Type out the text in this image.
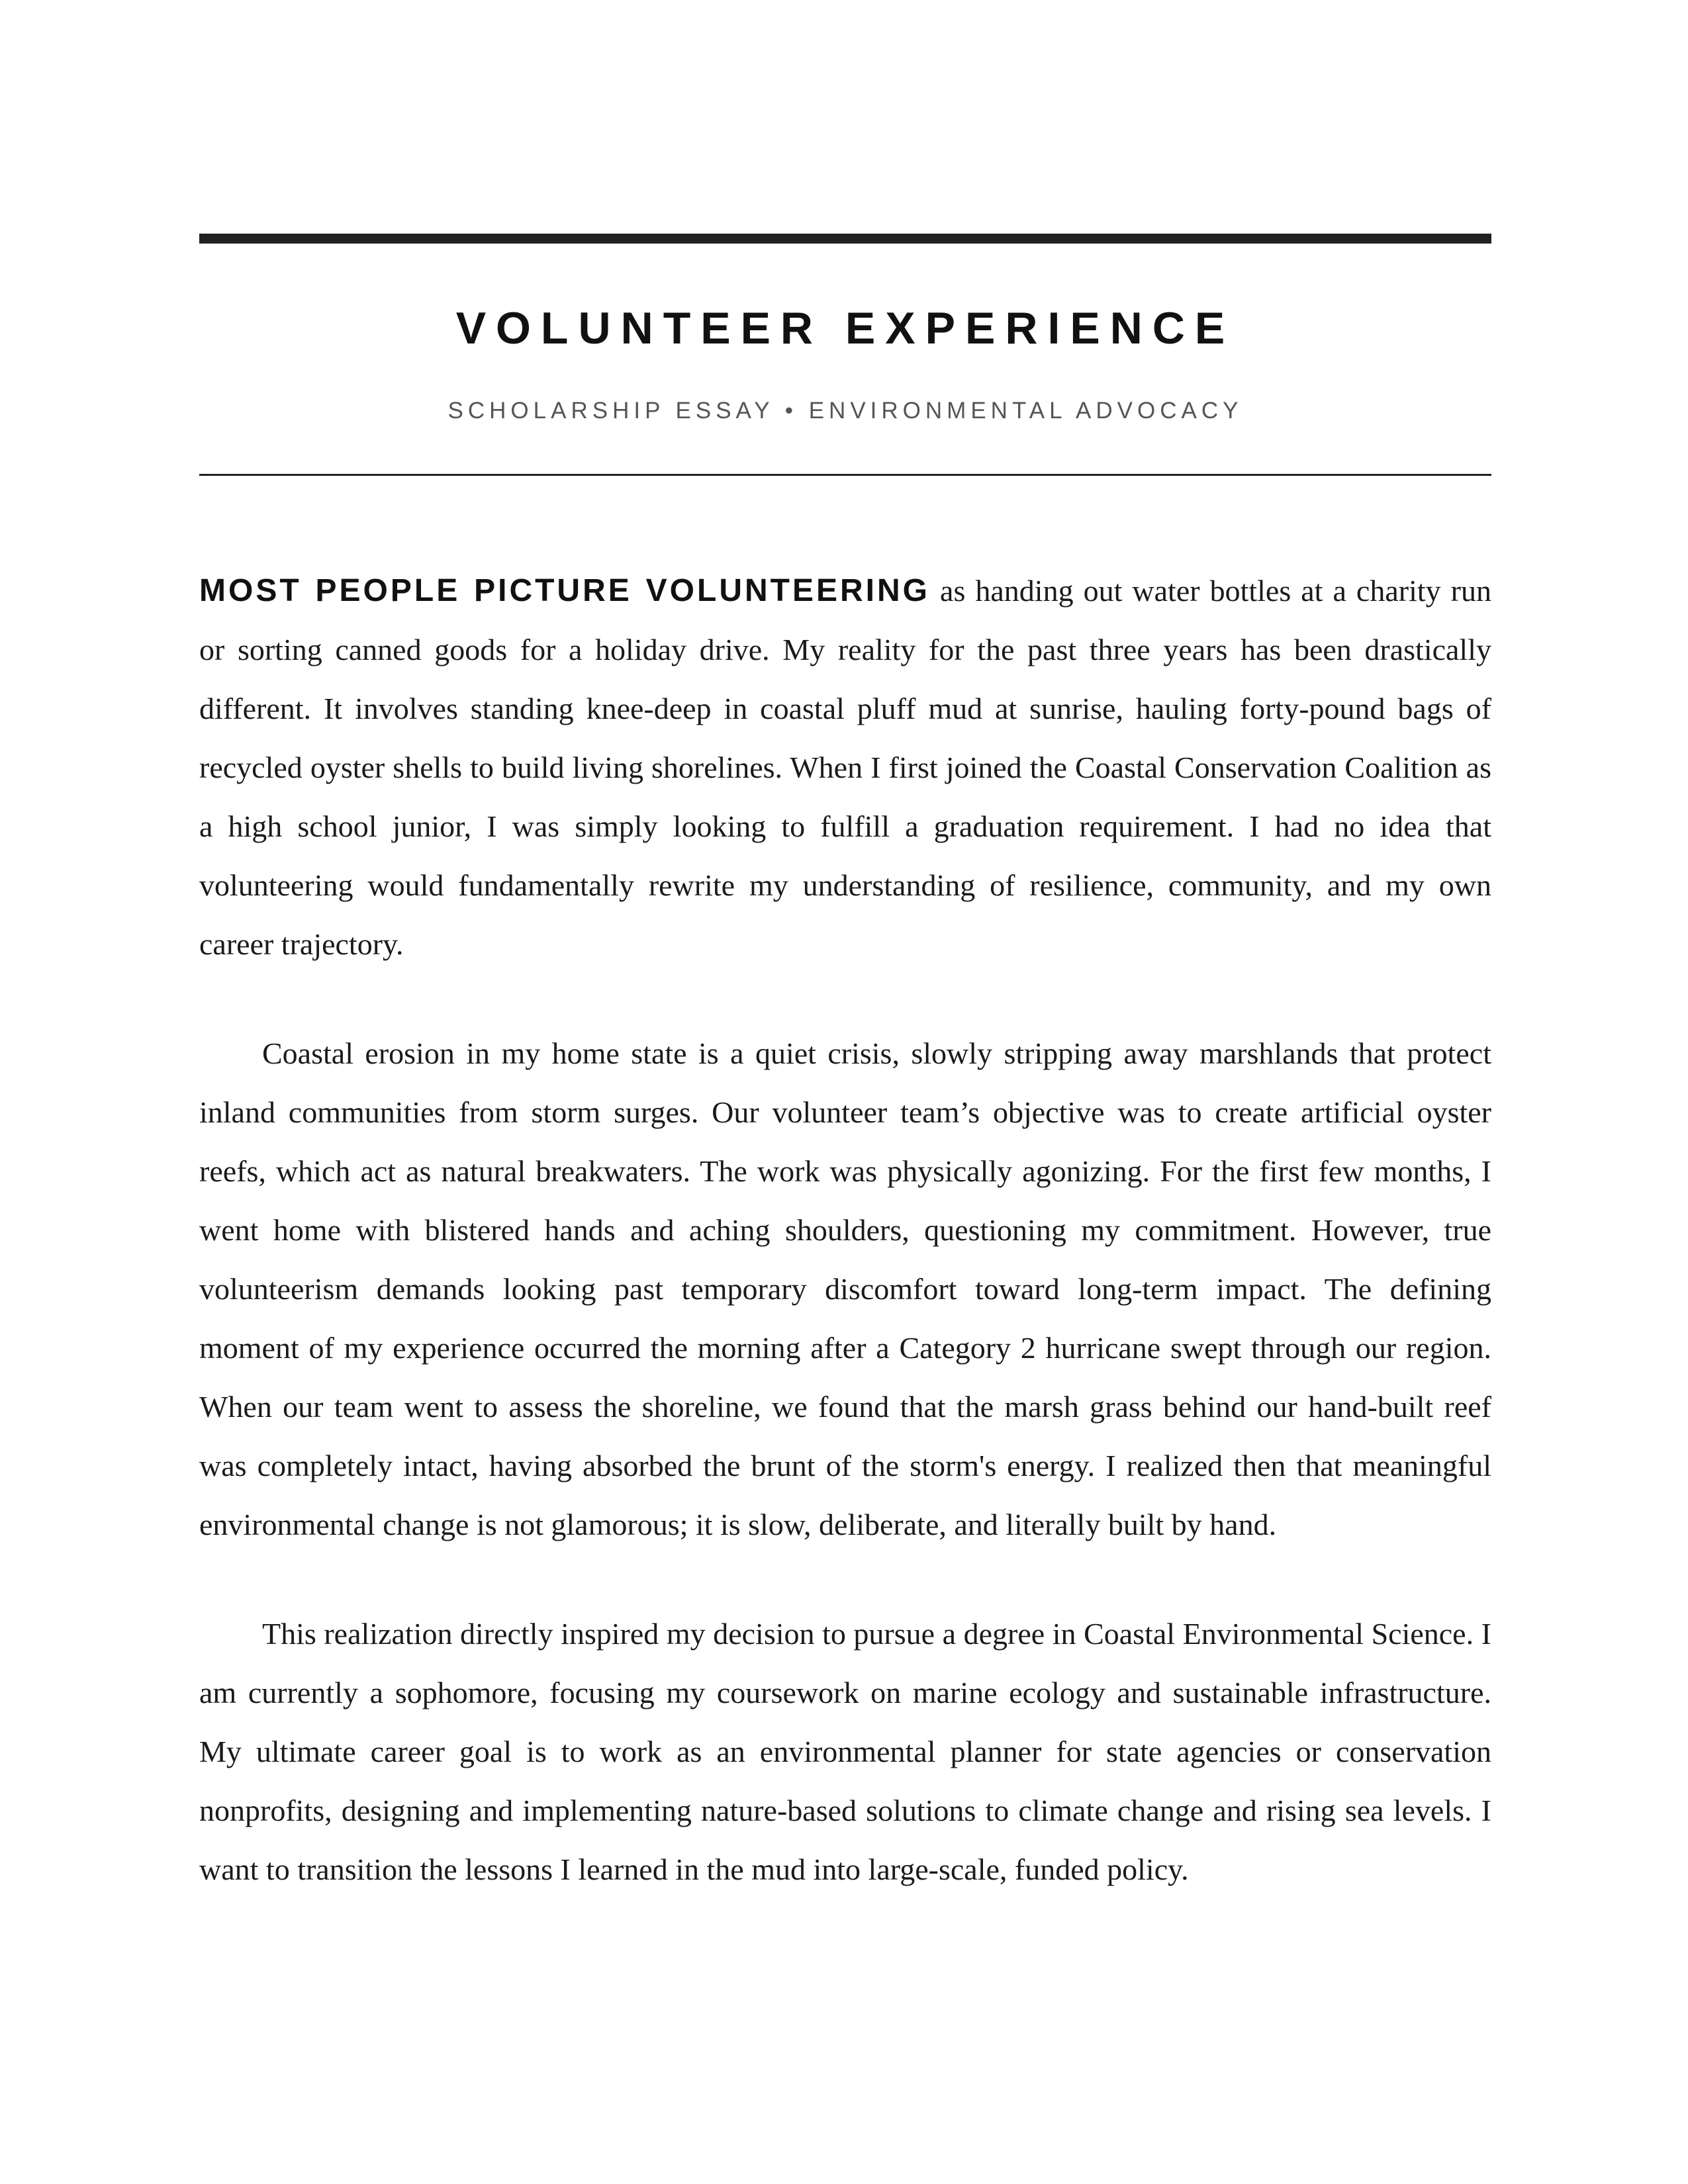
VOLUNTEER EXPERIENCE
SCHOLARSHIP ESSAY • ENVIRONMENTAL ADVOCACY

MOST PEOPLE PICTURE VOLUNTEERING as handing out water bottles at a charity run or sorting canned goods for a holiday drive. My reality for the past three years has been drastically different. It involves standing knee-deep in coastal pluff mud at sunrise, hauling forty-pound bags of recycled oyster shells to build living shorelines. When I first joined the Coastal Conservation Coalition as a high school junior, I was simply looking to fulfill a graduation requirement. I had no idea that volunteering would fundamentally rewrite my understanding of resilience, community, and my own career trajectory.

Coastal erosion in my home state is a quiet crisis, slowly stripping away marshlands that protect inland communities from storm surges. Our volunteer team’s objective was to create artificial oyster reefs, which act as natural breakwaters. The work was physically agonizing. For the first few months, I went home with blistered hands and aching shoulders, questioning my commitment. However, true volunteerism demands looking past temporary discomfort toward long-term impact. The defining moment of my experience occurred the morning after a Category 2 hurricane swept through our region. When our team went to assess the shoreline, we found that the marsh grass behind our hand-built reef was completely intact, having absorbed the brunt of the storm's energy. I realized then that meaningful environmental change is not glamorous; it is slow, deliberate, and literally built by hand.

This realization directly inspired my decision to pursue a degree in Coastal Environmental Science. I am currently a sophomore, focusing my coursework on marine ecology and sustainable infrastructure. My ultimate career goal is to work as an environmental planner for state agencies or conservation nonprofits, designing and implementing nature-based solutions to climate change and rising sea levels. I want to transition the lessons I learned in the mud into large-scale, funded policy.
